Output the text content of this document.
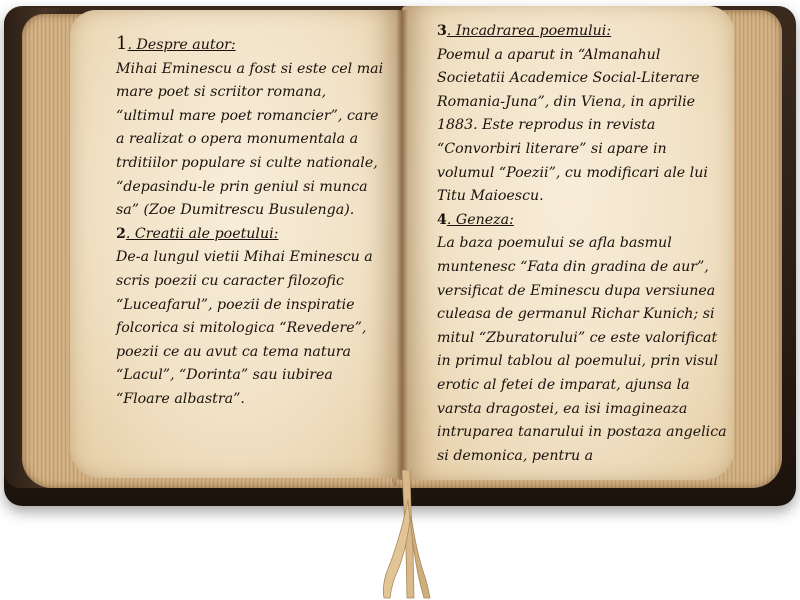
1. Despre autor:

Mihai Eminescu a fost si este cel mai mare poet si scriitor romana, “ultimul mare poet romancier”, care a realizat o opera monumentala a trditiilor populare si culte nationale, “depasindu-le prin geniul si munca sa” (Zoe Dumitrescu Busulenga).

2. Creatii ale poetului:

De-a lungul vietii Mihai Eminescu a scris poezii cu caracter filozofic “Luceafarul”, poezii de inspiratie folcorica si mitologica “Revedere”, poezii ce au avut ca tema natura “Lacul”, “Dorinta” sau iubirea “Floare albastra”.

3. Incadrarea poemului:

Poemul a aparut in “Almanahul Societatii Academice Social-Literare Romania-Juna”, din Viena, in aprilie 1883. Este reprodus in revista “Convorbiri literare” si apare in volumul “Poezii”, cu modificari ale lui Titu Maioescu.

4. Geneza:

La baza poemului se afla basmul muntenesc “Fata din gradina de aur”, versificat de Eminescu dupa versiunea culeasa de germanul Richar Kunich; si mitul “Zburatorului” ce este valorificat in primul tablou al poemului, prin visul erotic al fetei de imparat, ajunsa la varsta dragostei, ea isi imagineaza intruparea tanarului in postaza angelica si demonica, pentru a
